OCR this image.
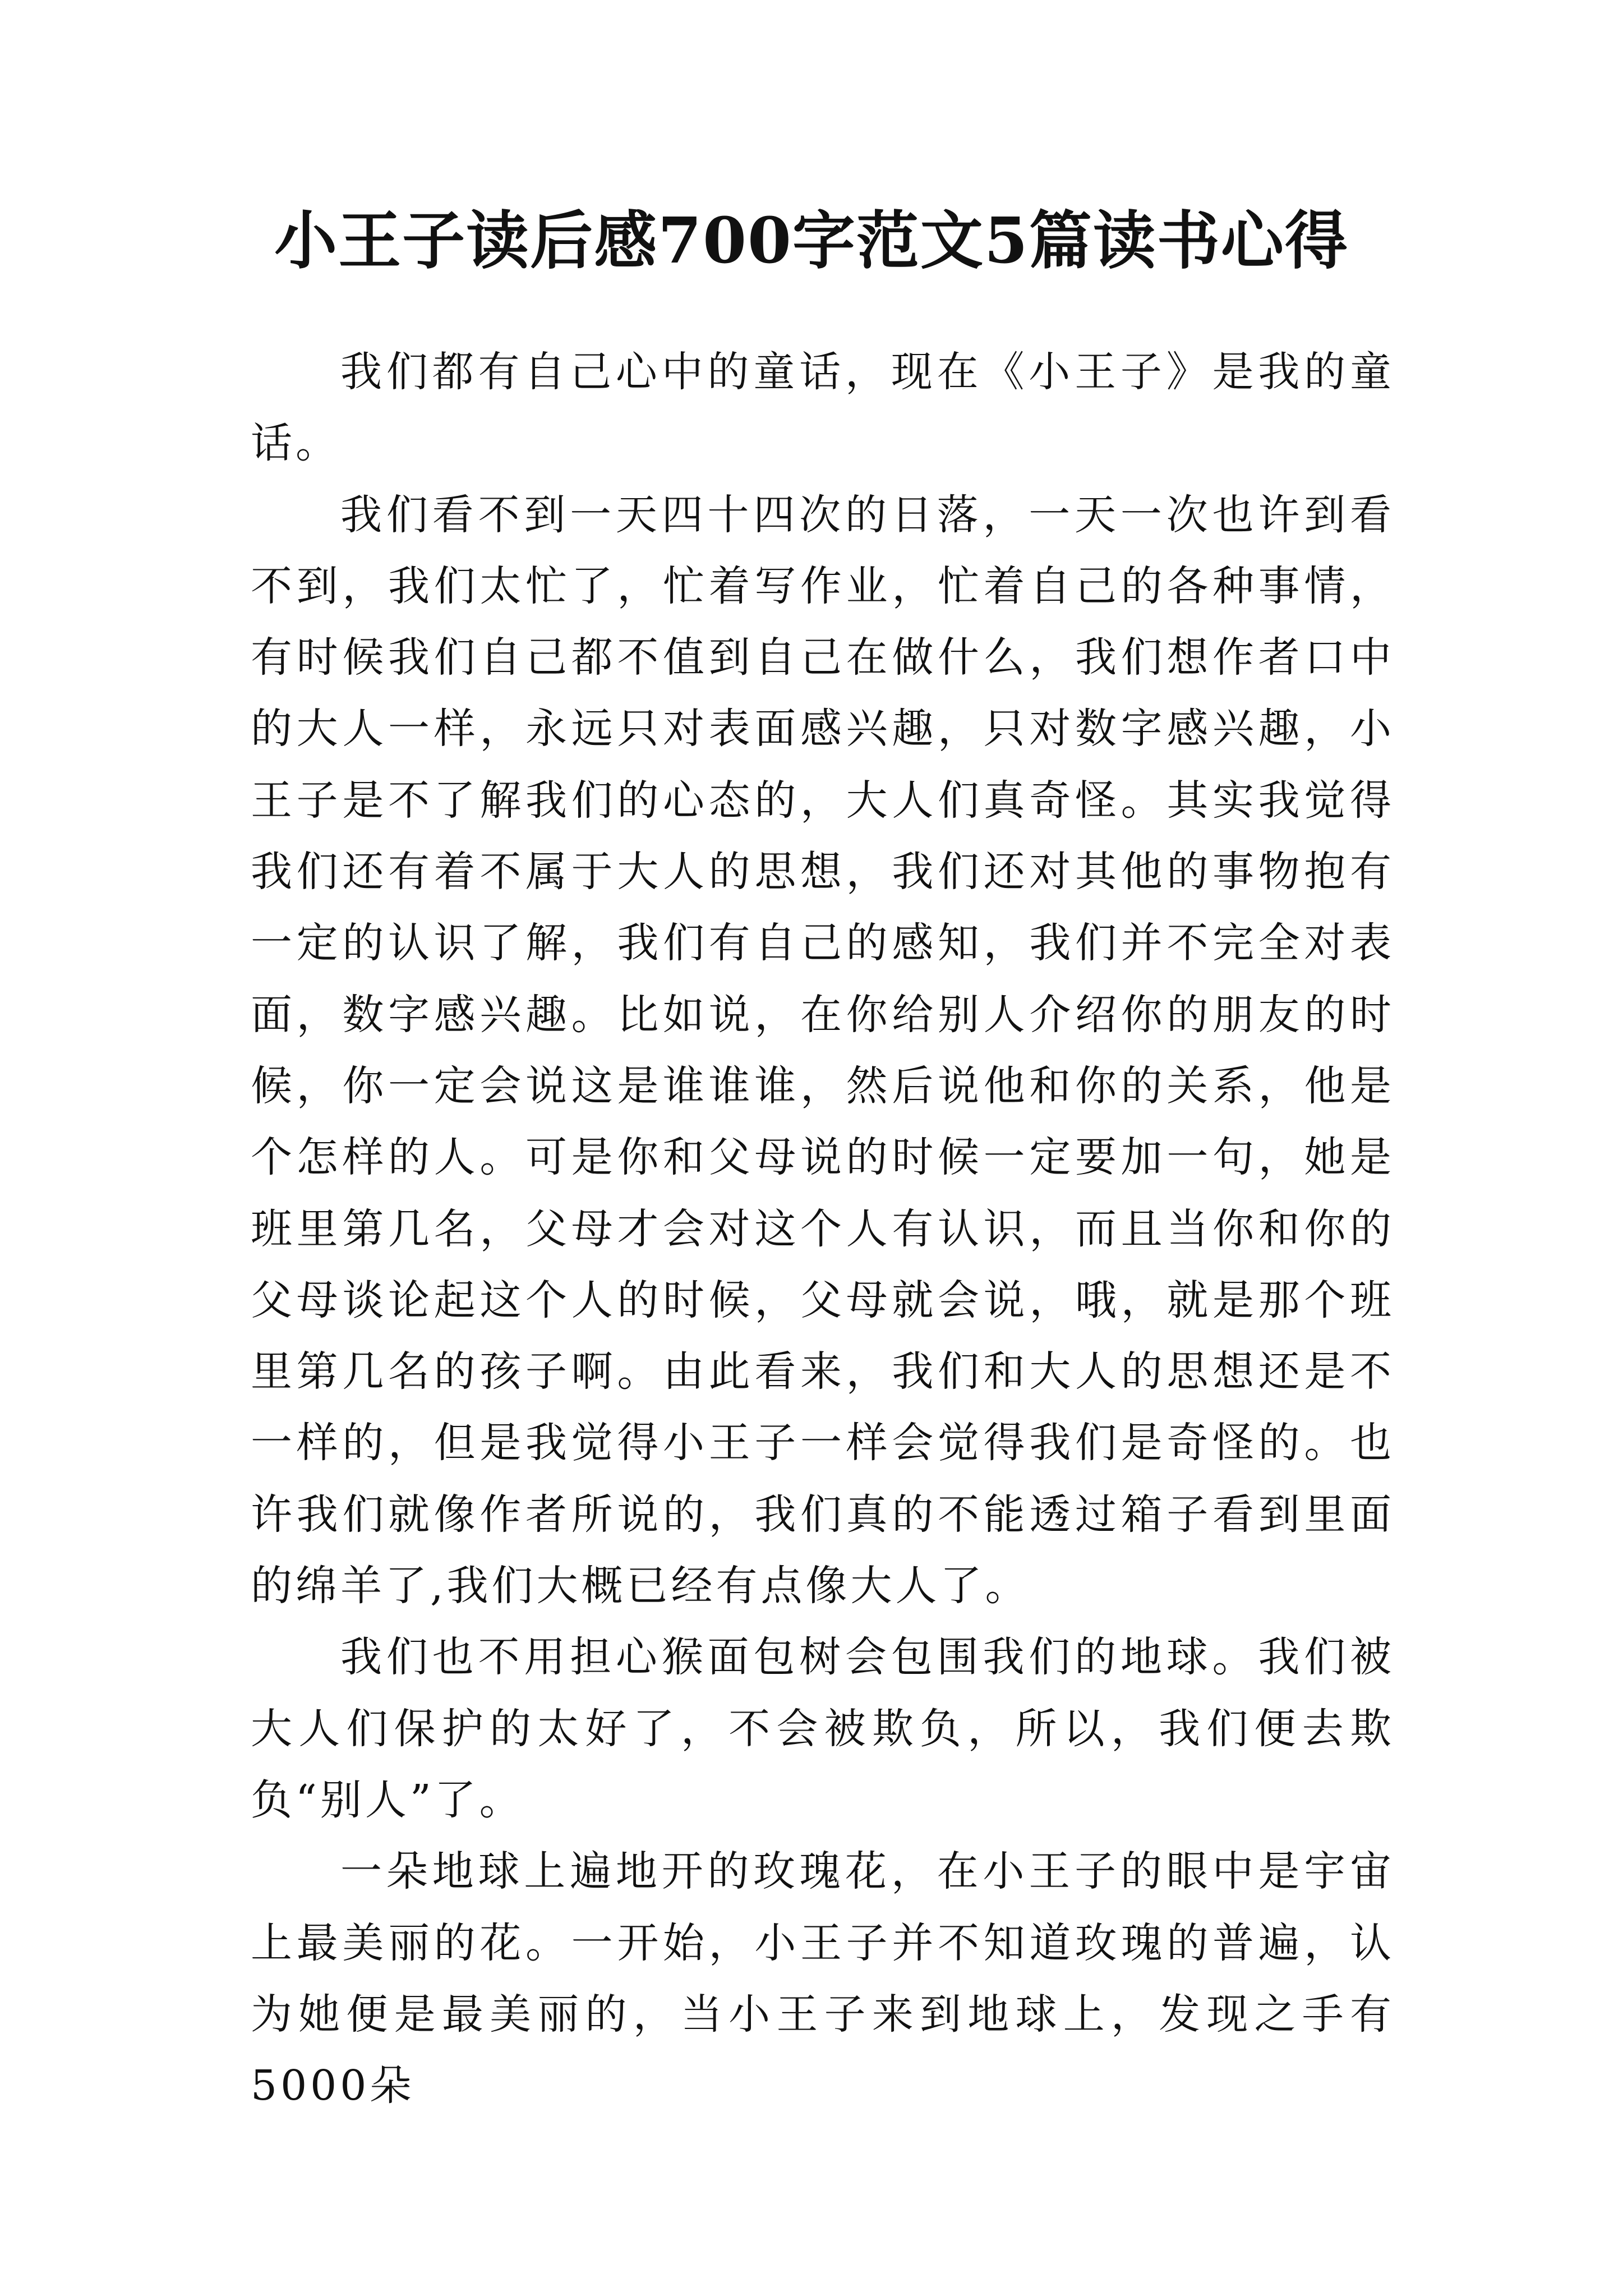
小王子读后感700字范文5篇读书心得

我们都有自己心中的童话，现在《小王子》是我的童话。

我们看不到一天四十四次的日落，一天一次也许到看不到，我们太忙了，忙着写作业，忙着自己的各种事情，有时候我们自己都不值到自己在做什么，我们想作者口中的大人一样，永远只对表面感兴趣，只对数字感兴趣，小王子是不了解我们的心态的，大人们真奇怪。其实我觉得我们还有着不属于大人的思想，我们还对其他的事物抱有一定的认识了解，我们有自己的感知，我们并不完全对表面，数字感兴趣。比如说，在你给别人介绍你的朋友的时候，你一定会说这是谁谁谁，然后说他和你的关系，他是个怎样的人。可是你和父母说的时候一定要加一句，她是班里第几名，父母才会对这个人有认识，而且当你和你的父母谈论起这个人的时候，父母就会说，哦，就是那个班里第几名的孩子啊。由此看来，我们和大人的思想还是不一样的，但是我觉得小王子一样会觉得我们是奇怪的。也许我们就像作者所说的，我们真的不能透过箱子看到里面的绵羊了,我们大概已经有点像大人了。

我们也不用担心猴面包树会包围我们的地球。我们被大人们保护的太好了，不会被欺负，所以，我们便去欺负“别人”了。

一朵地球上遍地开的玫瑰花，在小王子的眼中是宇宙上最美丽的花。一开始，小王子并不知道玫瑰的普遍，认为她便是最美丽的，当小王子来到地球上，发现之手有5000朵
